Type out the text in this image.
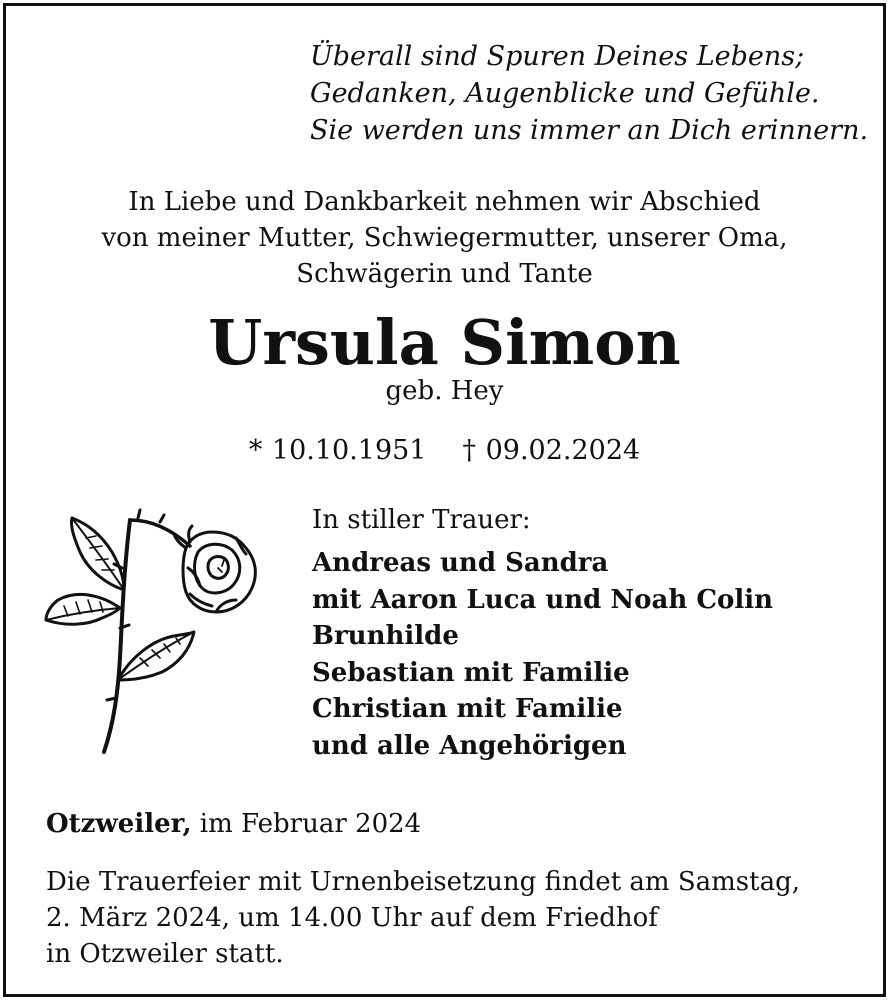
Überall sind Spuren Deines Lebens;
Gedanken, Augenblicke und Gefühle.
Sie werden uns immer an Dich erinnern.
In Liebe und Dankbarkeit nehmen wir Abschied
von meiner Mutter, Schwiegermutter, unserer Oma,
Schwägerin und Tante
Ursula Simon
geb. Hey
* 10.10.1951 † 09.02.2024
In stiller Trauer:
Andreas und Sandra
mit Aaron Luca und Noah Colin
Brunhilde
Sebastian mit Familie
Christian mit Familie
und alle Angehörigen
Otzweiler, im Februar 2024
Die Trauerfeier mit Urnenbeisetzung findet am Samstag,
2. März 2024, um 14.00 Uhr auf dem Friedhof
in Otzweiler statt.
